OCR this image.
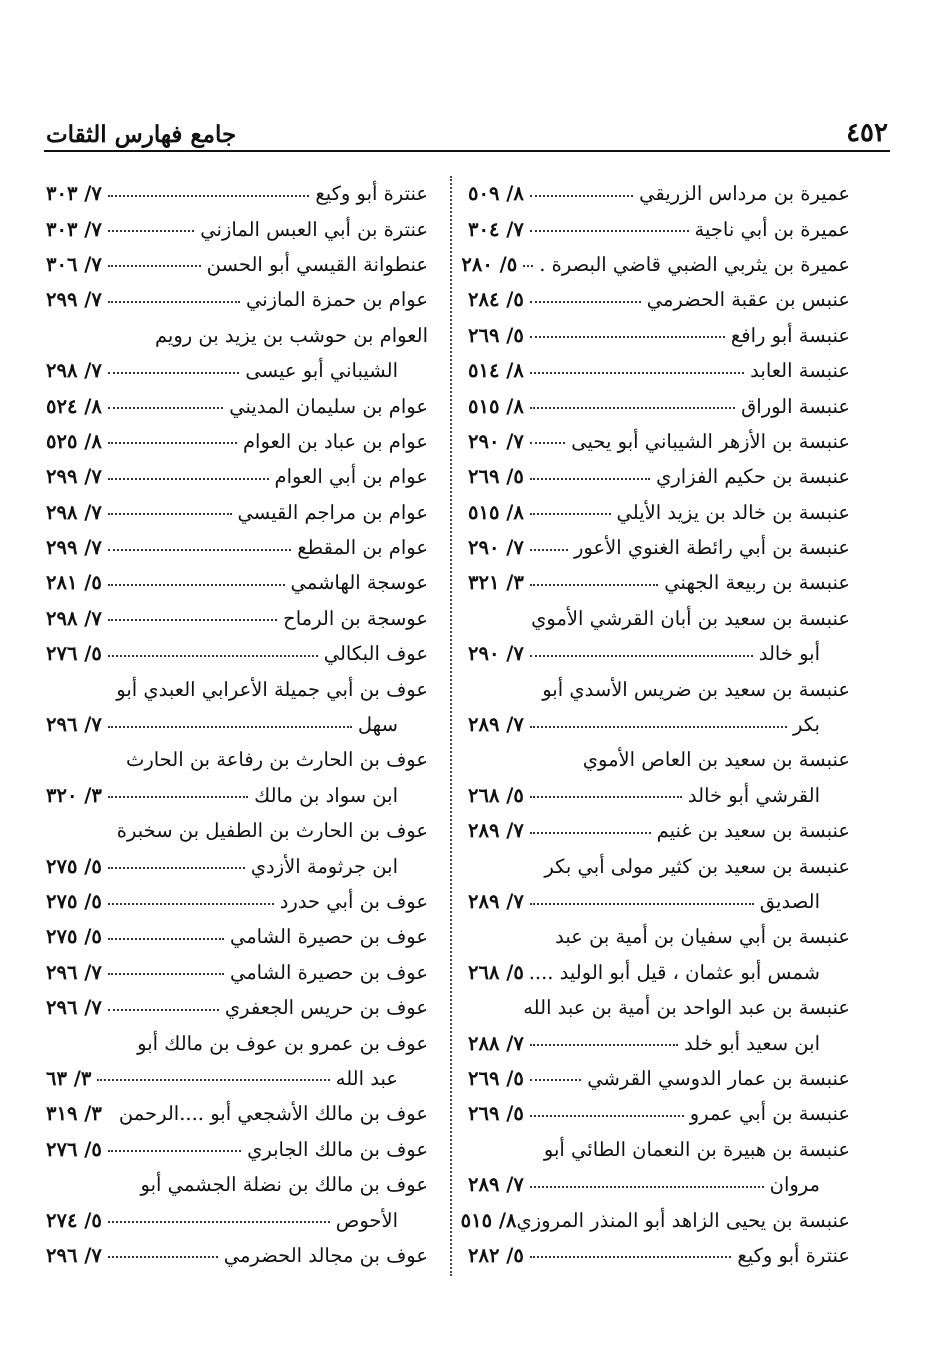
٤٥٢
جامع فهارس الثقات
عميرة بن مرداس الزريقي
٨/ ٥٠٩
عميرة بن أبي ناجية
٧/ ٣٠٤
عميرة بن يثربي الضبي قاضي البصرة .
٥/ ٢٨٠
عنبس بن عقبة الحضرمي
٥/ ٢٨٤
عنبسة أبو رافع
٥/ ٢٦٩
عنبسة العابد
٨/ ٥١٤
عنبسة الوراق
٨/ ٥١٥
عنبسة بن الأزهر الشيباني أبو يحيى
٧/ ٢٩٠
عنبسة بن حكيم الفزاري
٥/ ٢٦٩
عنبسة بن خالد بن يزيد الأيلي
٨/ ٥١٥
عنبسة بن أبي رائطة الغنوي الأعور
٧/ ٢٩٠
عنبسة بن ربيعة الجهني
٣/ ٣٢١
عنبسة بن سعيد بن أبان القرشي الأموي
أبو خالد
٧/ ٢٩٠
عنبسة بن سعيد بن ضريس الأسدي أبو
بكر
٧/ ٢٨٩
عنبسة بن سعيد بن العاص الأموي
القرشي أبو خالد
٥/ ٢٦٨
عنبسة بن سعيد بن غنيم
٧/ ٢٨٩
عنبسة بن سعيد بن كثير مولى أبي بكر
الصديق
٧/ ٢٨٩
عنبسة بن أبي سفيان بن أمية بن عبد
شمس أبو عثمان ، قيل أبو الوليد ....
٥/ ٢٦٨
عنبسة بن عبد الواحد بن أمية بن عبد الله
ابن سعيد أبو خلد
٧/ ٢٨٨
عنبسة بن عمار الدوسي القرشي
٥/ ٢٦٩
عنبسة بن أبي عمرو
٥/ ٢٦٩
عنبسة بن هبيرة بن النعمان الطائي أبو
مروان
٧/ ٢٨٩
عنبسة بن يحيى الزاهد أبو المنذر المروزي
٨/ ٥١٥
عنترة أبو وكيع
٥/ ٢٨٢
عنترة أبو وكيع
٧/ ٣٠٣
عنترة بن أبي العبس المازني
٧/ ٣٠٣
عنطوانة القيسي أبو الحسن
٧/ ٣٠٦
عوام بن حمزة المازني
٧/ ٢٩٩
العوام بن حوشب بن يزيد بن رويم
الشيباني أبو عيسى
٧/ ٢٩٨
عوام بن سليمان المديني
٨/ ٥٢٤
عوام بن عباد بن العوام
٨/ ٥٢٥
عوام بن أبي العوام
٧/ ٢٩٩
عوام بن مراجم القيسي
٧/ ٢٩٨
عوام بن المقطع
٧/ ٢٩٩
عوسجة الهاشمي
٥/ ٢٨١
عوسجة بن الرماح
٧/ ٢٩٨
عوف البكالي
٥/ ٢٧٦
عوف بن أبي جميلة الأعرابي العبدي أبو
سهل
٧/ ٢٩٦
عوف بن الحارث بن رفاعة بن الحارث
ابن سواد بن مالك
٣/ ٣٢٠
عوف بن الحارث بن الطفيل بن سخبرة
ابن جرثومة الأزدي
٥/ ٢٧٥
عوف بن أبي حدرد
٥/ ٢٧٥
عوف بن حصيرة الشامي
٥/ ٢٧٥
عوف بن حصيرة الشامي
٧/ ٢٩٦
عوف بن حريس الجعفري
٧/ ٢٩٦
عوف بن عمرو بن عوف بن مالك أبو
عبد الله
٣/ ٦٣
عوف بن مالك الأشجعي أبو ....الرحمن
٣/ ٣١٩
عوف بن مالك الجابري
٥/ ٢٧٦
عوف بن مالك بن نضلة الجشمي أبو
الأحوص
٥/ ٢٧٤
عوف بن مجالد الحضرمي
٧/ ٢٩٦
